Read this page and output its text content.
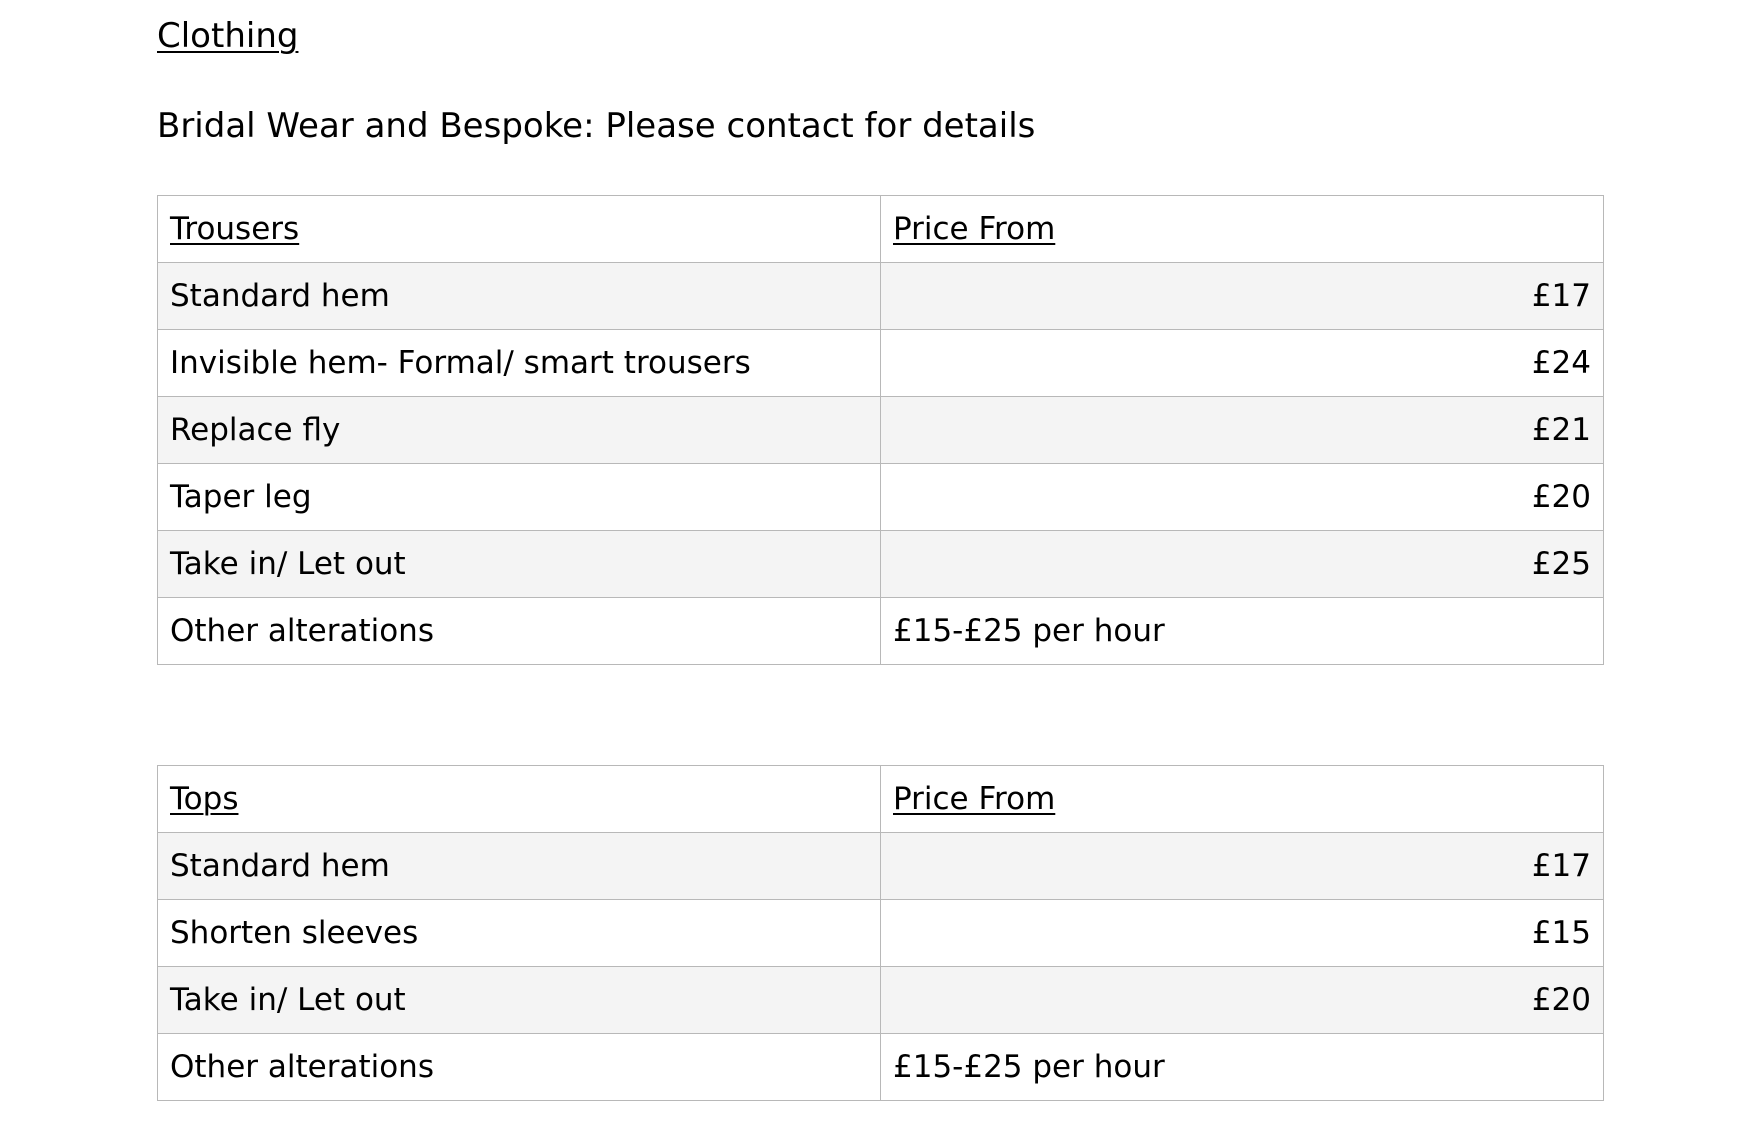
Clothing
Bridal Wear and Bespoke: Please contact for details
Trousers	Price From
Standard hem	£17
Invisible hem- Formal/ smart trousers	£24
Replace fly	£21
Taper leg	£20
Take in/ Let out	£25
Other alterations	£15-£25 per hour
Tops	Price From
Standard hem	£17
Shorten sleeves	£15
Take in/ Let out	£20
Other alterations	£15-£25 per hour
